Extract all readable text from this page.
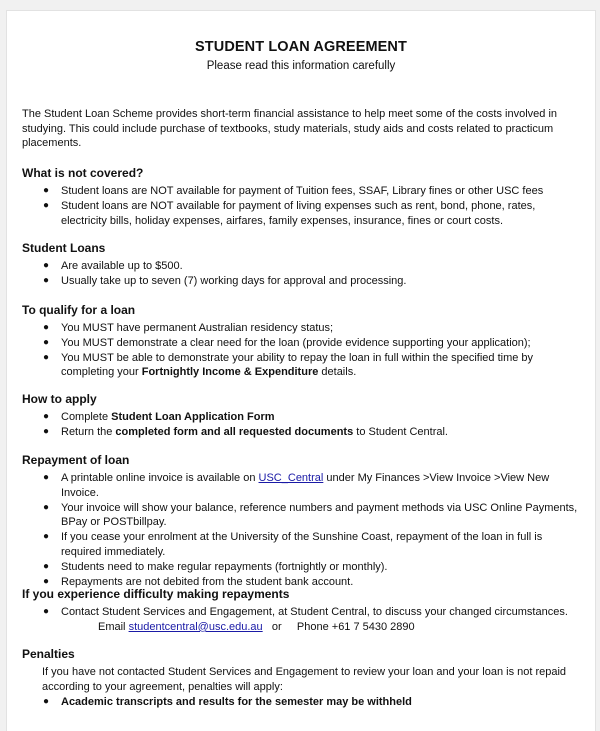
STUDENT LOAN AGREEMENT
Please read this information carefully

The Student Loan Scheme provides short-term financial assistance to help meet some of the costs involved in studying. This could include purchase of textbooks, study materials, study aids and costs related to practicum placements.

What is not covered?
● Student loans are NOT available for payment of Tuition fees, SSAF, Library fines or other USC fees
● Student loans are NOT available for payment of living expenses such as rent, bond, phone, rates, electricity bills, holiday expenses, airfares, family expenses, insurance, fines or court costs.
Student Loans
● Are available up to $500.
● Usually take up to seven (7) working days for approval and processing.
To qualify for a loan
● You MUST have permanent Australian residency status;
● You MUST demonstrate a clear need for the loan (provide evidence supporting your application);
● You MUST be able to demonstrate your ability to repay the loan in full within the specified time by completing your Fortnightly Income & Expenditure details.
How to apply
● Complete Student Loan Application Form
● Return the completed form and all requested documents to Student Central.
Repayment of loan
● A printable online invoice is available on USC_Central under My Finances >View Invoice >View New Invoice.
● Your invoice will show your balance, reference numbers and payment methods via USC Online Payments, BPay or POSTbillpay.
● If you cease your enrolment at the University of the Sunshine Coast, repayment of the loan in full is required immediately.
● Students need to make regular repayments (fortnightly or monthly).
● Repayments are not debited from the student bank account.
If you experience difficulty making repayments
● Contact Student Services and Engagement, at Student Central, to discuss your changed circumstances.
Email studentcentral@usc.edu.au or Phone +61 7 5430 2890
Penalties
If you have not contacted Student Services and Engagement to review your loan and your loan is not repaid
according to your agreement, penalties will apply:
● Academic transcripts and results for the semester may be withheld
